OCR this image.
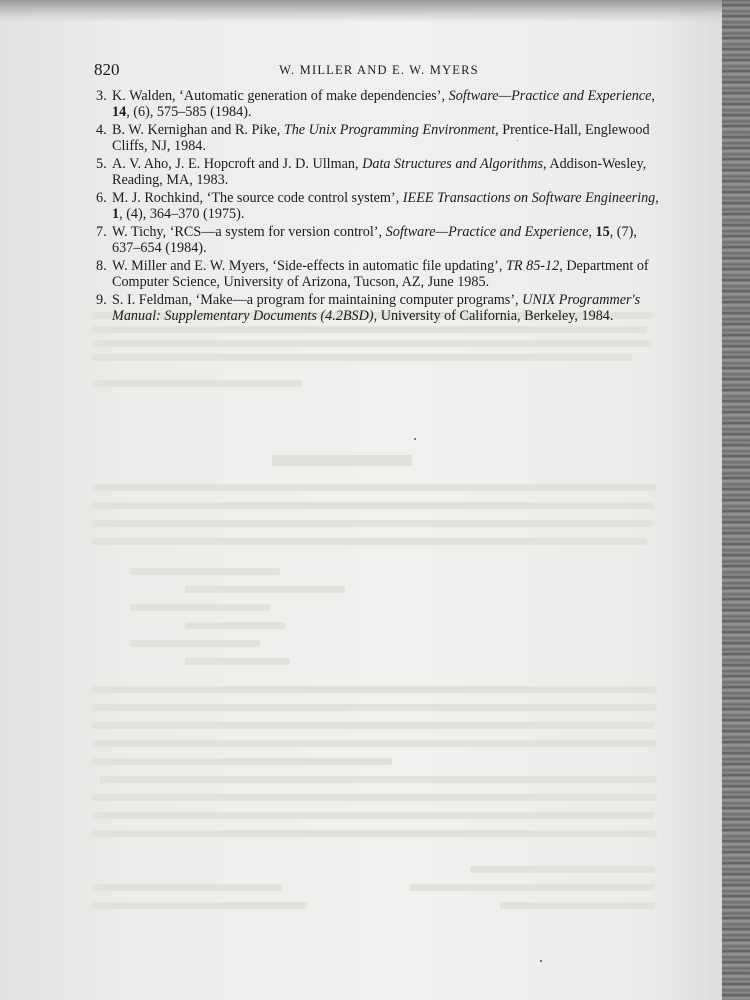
820	W. MILLER AND E. W. MYERS
3. K. Walden, ‘Automatic generation of make dependencies’, Software—Practice and Experience, 14, (6), 575–585 (1984).
4. B. W. Kernighan and R. Pike, The Unix Programming Environment, Prentice-Hall, Englewood Cliffs, NJ, 1984.
5. A. V. Aho, J. E. Hopcroft and J. D. Ullman, Data Structures and Algorithms, Addison-Wesley, Reading, MA, 1983.
6. M. J. Rochkind, ‘The source code control system’, IEEE Transactions on Software Engineering, 1, (4), 364–370 (1975).
7. W. Tichy, ‘RCS—a system for version control’, Software—Practice and Experience, 15, (7), 637–654 (1984).
8. W. Miller and E. W. Myers, ‘Side-effects in automatic file updating’, TR 85-12, Department of Computer Science, University of Arizona, Tucson, AZ, June 1985.
9. S. I. Feldman, ‘Make—a program for maintaining computer programs’, UNIX Programmer's Manual: Supplementary Documents (4.2BSD), University of California, Berkeley, 1984.
